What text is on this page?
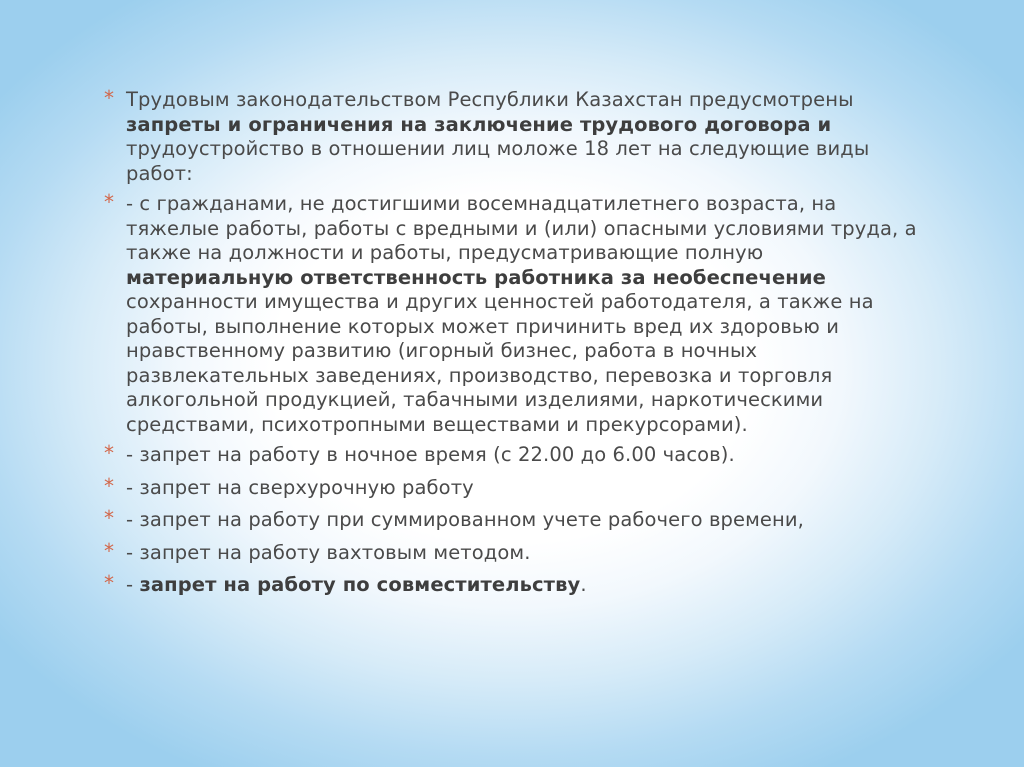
* Трудовым законодательством Республики Казахстан предусмотрены запреты и ограничения на заключение трудового договора и трудоустройство в отношении лиц моложе 18 лет на следующие виды работ:
* - с гражданами, не достигшими восемнадцатилетнего возраста, на тяжелые работы, работы с вредными и (или) опасными условиями труда, а также на должности и работы, предусматривающие полную материальную ответственность работника за необеспечение сохранности имущества и других ценностей работодателя, а также на работы, выполнение которых может причинить вред их здоровью и нравственному развитию (игорный бизнес, работа в ночных развлекательных заведениях, производство, перевозка и торговля алкогольной продукцией, табачными изделиями, наркотическими средствами, психотропными веществами и прекурсорами).
* - запрет на работу в ночное время (с 22.00 до 6.00 часов).
* - запрет на сверхурочную работу
* - запрет на работу при суммированном учете рабочего времени,
* - запрет на работу вахтовым методом.
* - запрет на работу по совместительству.
